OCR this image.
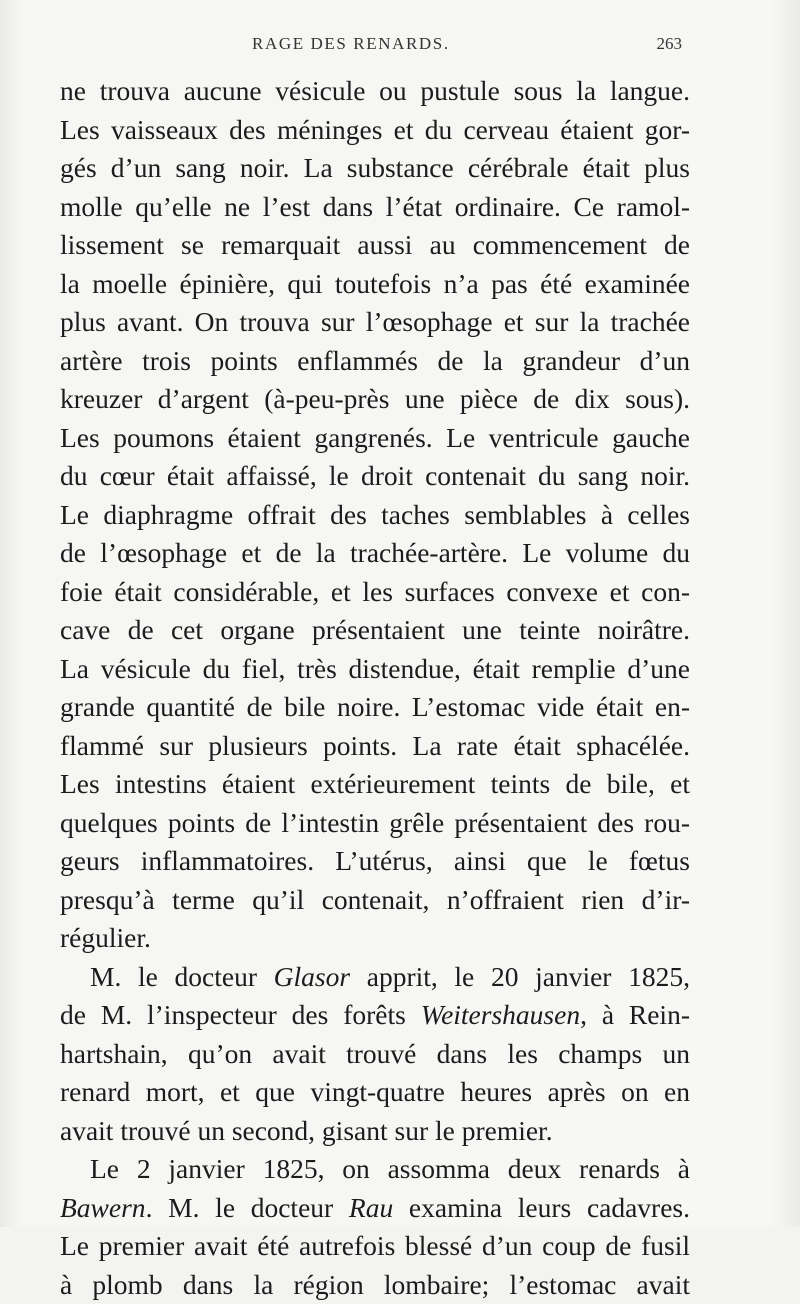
RAGE DES RENARDS.	263
ne trouva aucune vésicule ou pustule sous la langue.
Les vaisseaux des méninges et du cerveau étaient gor-
gés d’un sang noir. La substance cérébrale était plus
molle qu’elle ne l’est dans l’état ordinaire. Ce ramol-
lissement se remarquait aussi au commencement de
la moelle épinière, qui toutefois n’a pas été examinée
plus avant. On trouva sur l’œsophage et sur la trachée
artère trois points enflammés de la grandeur d’un
kreuzer d’argent (à-peu-près une pièce de dix sous).
Les poumons étaient gangrenés. Le ventricule gauche
du cœur était affaissé, le droit contenait du sang noir.
Le diaphragme offrait des taches semblables à celles
de l’œsophage et de la trachée-artère. Le volume du
foie était considérable, et les surfaces convexe et con-
cave de cet organe présentaient une teinte noirâtre.
La vésicule du fiel, très distendue, était remplie d’une
grande quantité de bile noire. L’estomac vide était en-
flammé sur plusieurs points. La rate était sphacélée.
Les intestins étaient extérieurement teints de bile, et
quelques points de l’intestin grêle présentaient des rou-
geurs inflammatoires. L’utérus, ainsi que le fœtus
presqu’à terme qu’il contenait, n’offraient rien d’ir-
régulier.
M. le docteur Glasor apprit, le 20 janvier 1825,
de M. l’inspecteur des forêts Weitershausen, à Rein-
hartshain, qu’on avait trouvé dans les champs un
renard mort, et que vingt-quatre heures après on en
avait trouvé un second, gisant sur le premier.
Le 2 janvier 1825, on assomma deux renards à
Bawern. M. le docteur Rau examina leurs cadavres.
Le premier avait été autrefois blessé d’un coup de fusil
à plomb dans la région lombaire; l’estomac avait
